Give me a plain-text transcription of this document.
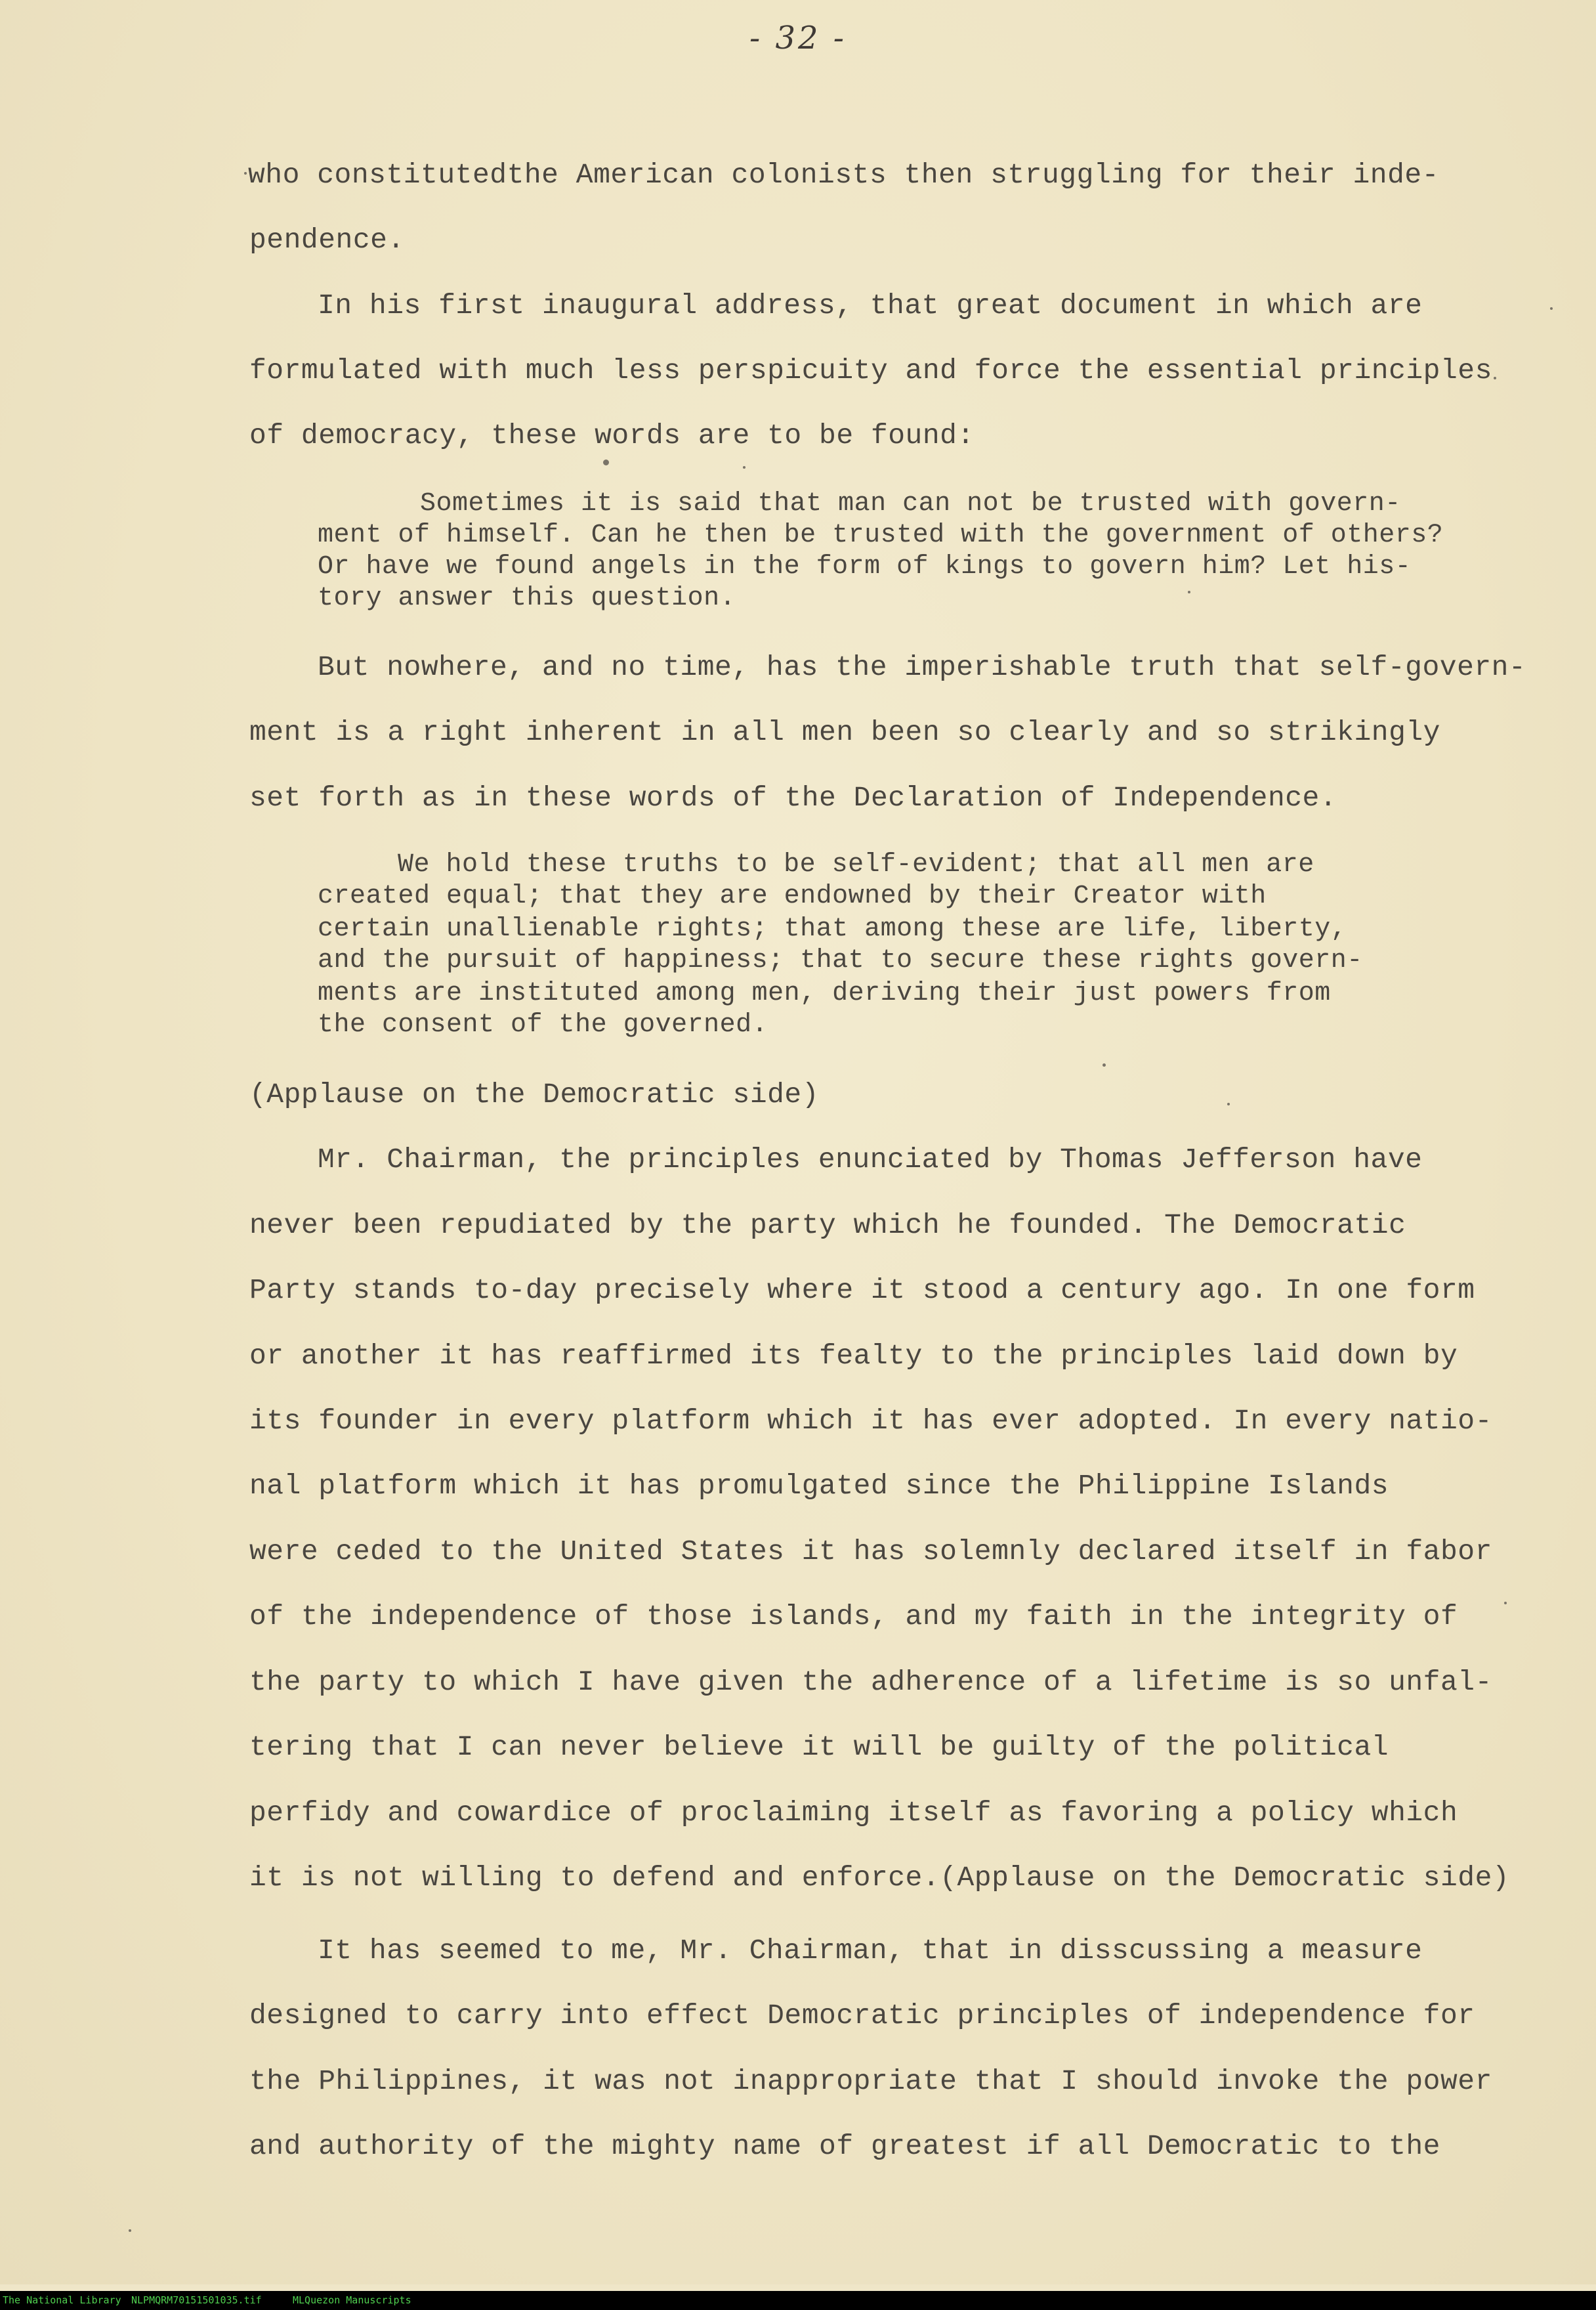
- 32 -
who constitutedthe American colonists then struggling for their inde-
pendence.
In his first inaugural address, that great document in which are
formulated with much less perspicuity and force the essential principles
of democracy, these words are to be found:
Sometimes it is said that man can not be trusted with govern-
ment of himself. Can he then be trusted with the government of others?
Or have we found angels in the form of kings to govern him? Let his-
tory answer this question.
But nowhere, and no time, has the imperishable truth that self-govern-
ment is a right inherent in all men been so clearly and so strikingly
set forth as in these words of the Declaration of Independence.
We hold these truths to be self-evident; that all men are
created equal; that they are endowned by their Creator with
certain unallienable rights; that among these are life, liberty,
and the pursuit of happiness; that to secure these rights govern-
ments are instituted among men, deriving their just powers from
the consent of the governed.
(Applause on the Democratic side)
Mr. Chairman, the principles enunciated by Thomas Jefferson have
never been repudiated by the party which he founded. The Democratic
Party stands to-day precisely where it stood a century ago. In one form
or another it has reaffirmed its fealty to the principles laid down by
its founder in every platform which it has ever adopted. In every natio-
nal platform which it has promulgated since the Philippine Islands
were ceded to the United States it has solemnly declared itself in fabor
of the independence of those islands, and my faith in the integrity of
the party to which I have given the adherence of a lifetime is so unfal-
tering that I can never believe it will be guilty of the political
perfidy and cowardice of proclaiming itself as favoring a policy which
it is not willing to defend and enforce.(Applause on the Democratic side)
It has seemed to me, Mr. Chairman, that in disscussing a measure
designed to carry into effect Democratic principles of independence for
the Philippines, it was not inappropriate that I should invoke the power
and authority of the mighty name of greatest if all Democratic to the
The National Library NLPMQRM70151501035.tif	MLQuezon Manuscripts
